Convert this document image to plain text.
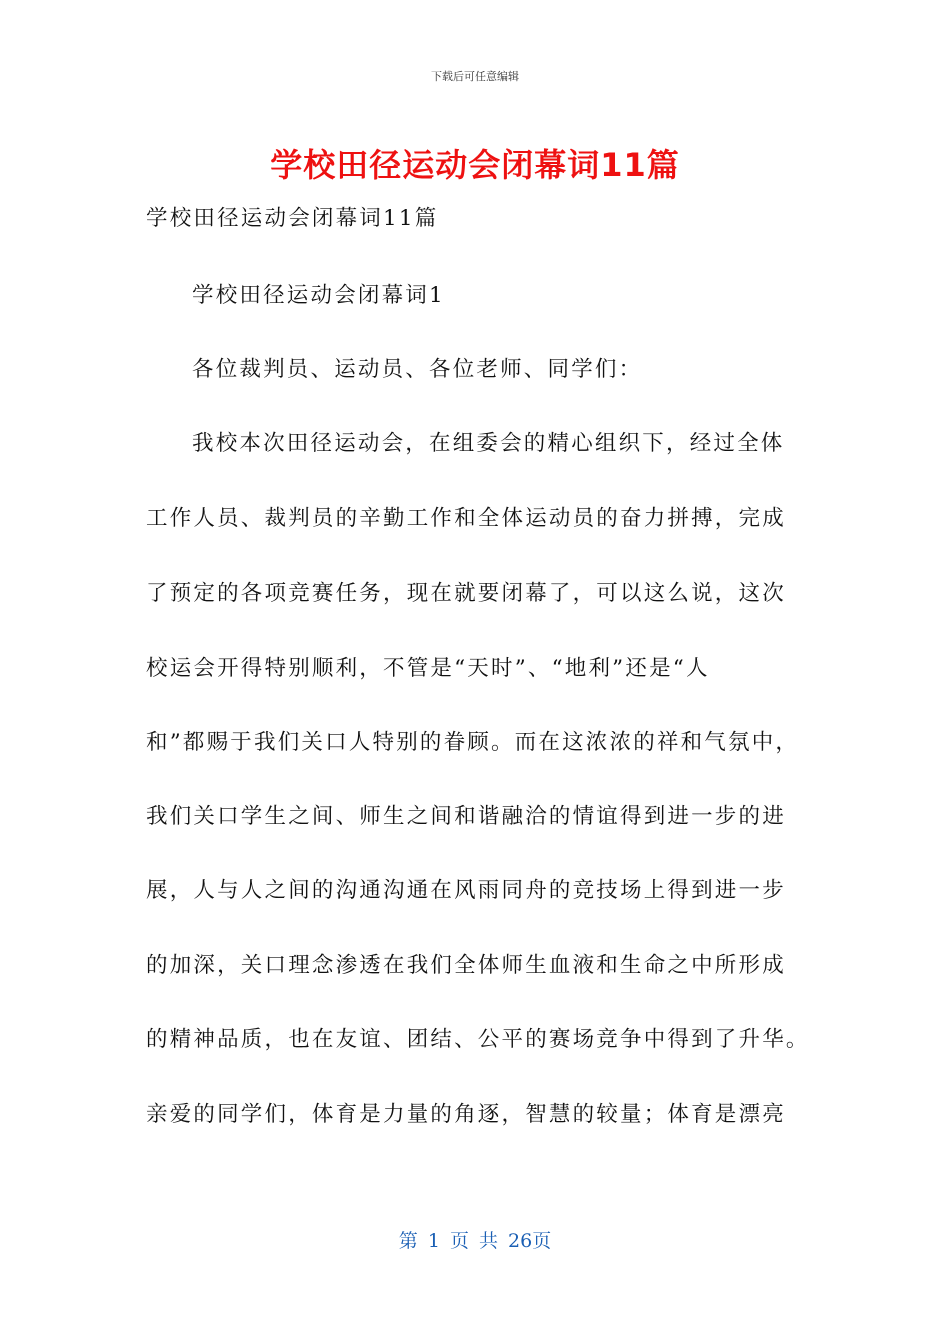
下载后可任意编辑
学校田径运动会闭幕词11篇
学校田径运动会闭幕词11篇
学校田径运动会闭幕词1
各位裁判员、运动员、各位老师、同学们：
我校本次田径运动会，在组委会的精心组织下，经过全体
工作人员、裁判员的辛勤工作和全体运动员的奋力拼搏，完成
了预定的各项竞赛任务，现在就要闭幕了，可以这么说，这次
校运会开得特别顺利，不管是“天时”、“地利”还是“人
和”都赐于我们关口人特别的眷顾。而在这浓浓的祥和气氛中，
我们关口学生之间、师生之间和谐融洽的情谊得到进一步的进
展，人与人之间的沟通沟通在风雨同舟的竞技场上得到进一步
的加深，关口理念渗透在我们全体师生血液和生命之中所形成
的精神品质，也在友谊、团结、公平的赛场竞争中得到了升华。
亲爱的同学们，体育是力量的角逐，智慧的较量；体育是漂亮
第 1 页 共 26页
